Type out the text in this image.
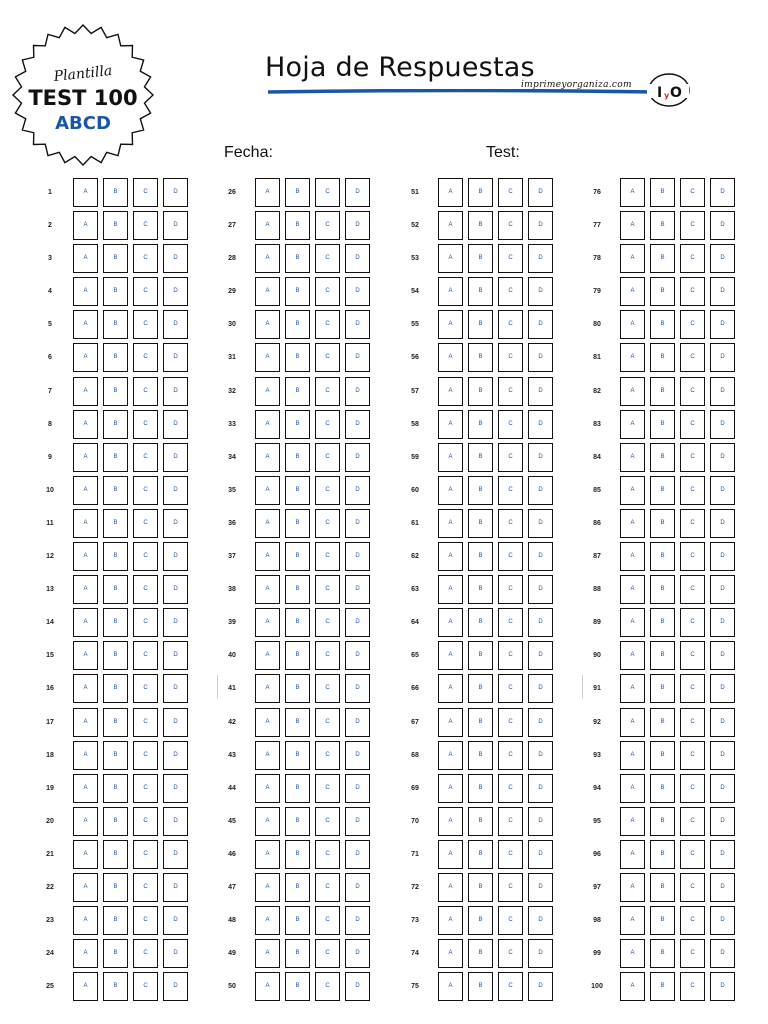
Plantilla
TEST 100
ABCD
Hoja de Respuestas
imprimeyorganiza.com I y O
Fecha:	Test:
1	A	B	C	D
2	A	B	C	D
3	A	B	C	D
4	A	B	C	D
5	A	B	C	D
6	A	B	C	D
7	A	B	C	D
8	A	B	C	D
9	A	B	C	D
10	A	B	C	D
11	A	B	C	D
12	A	B	C	D
13	A	B	C	D
14	A	B	C	D
15	A	B	C	D
16	A	B	C	D
17	A	B	C	D
18	A	B	C	D
19	A	B	C	D
20	A	B	C	D
21	A	B	C	D
22	A	B	C	D
23	A	B	C	D
24	A	B	C	D
25	A	B	C	D
26	A	B	C	D
27	A	B	C	D
28	A	B	C	D
29	A	B	C	D
30	A	B	C	D
31	A	B	C	D
32	A	B	C	D
33	A	B	C	D
34	A	B	C	D
35	A	B	C	D
36	A	B	C	D
37	A	B	C	D
38	A	B	C	D
39	A	B	C	D
40	A	B	C	D
41	A	B	C	D
42	A	B	C	D
43	A	B	C	D
44	A	B	C	D
45	A	B	C	D
46	A	B	C	D
47	A	B	C	D
48	A	B	C	D
49	A	B	C	D
50	A	B	C	D
51	A	B	C	D
52	A	B	C	D
53	A	B	C	D
54	A	B	C	D
55	A	B	C	D
56	A	B	C	D
57	A	B	C	D
58	A	B	C	D
59	A	B	C	D
60	A	B	C	D
61	A	B	C	D
62	A	B	C	D
63	A	B	C	D
64	A	B	C	D
65	A	B	C	D
66	A	B	C	D
67	A	B	C	D
68	A	B	C	D
69	A	B	C	D
70	A	B	C	D
71	A	B	C	D
72	A	B	C	D
73	A	B	C	D
74	A	B	C	D
75	A	B	C	D
76	A	B	C	D
77	A	B	C	D
78	A	B	C	D
79	A	B	C	D
80	A	B	C	D
81	A	B	C	D
82	A	B	C	D
83	A	B	C	D
84	A	B	C	D
85	A	B	C	D
86	A	B	C	D
87	A	B	C	D
88	A	B	C	D
89	A	B	C	D
90	A	B	C	D
91	A	B	C	D
92	A	B	C	D
93	A	B	C	D
94	A	B	C	D
95	A	B	C	D
96	A	B	C	D
97	A	B	C	D
98	A	B	C	D
99	A	B	C	D
100	A	B	C	D
